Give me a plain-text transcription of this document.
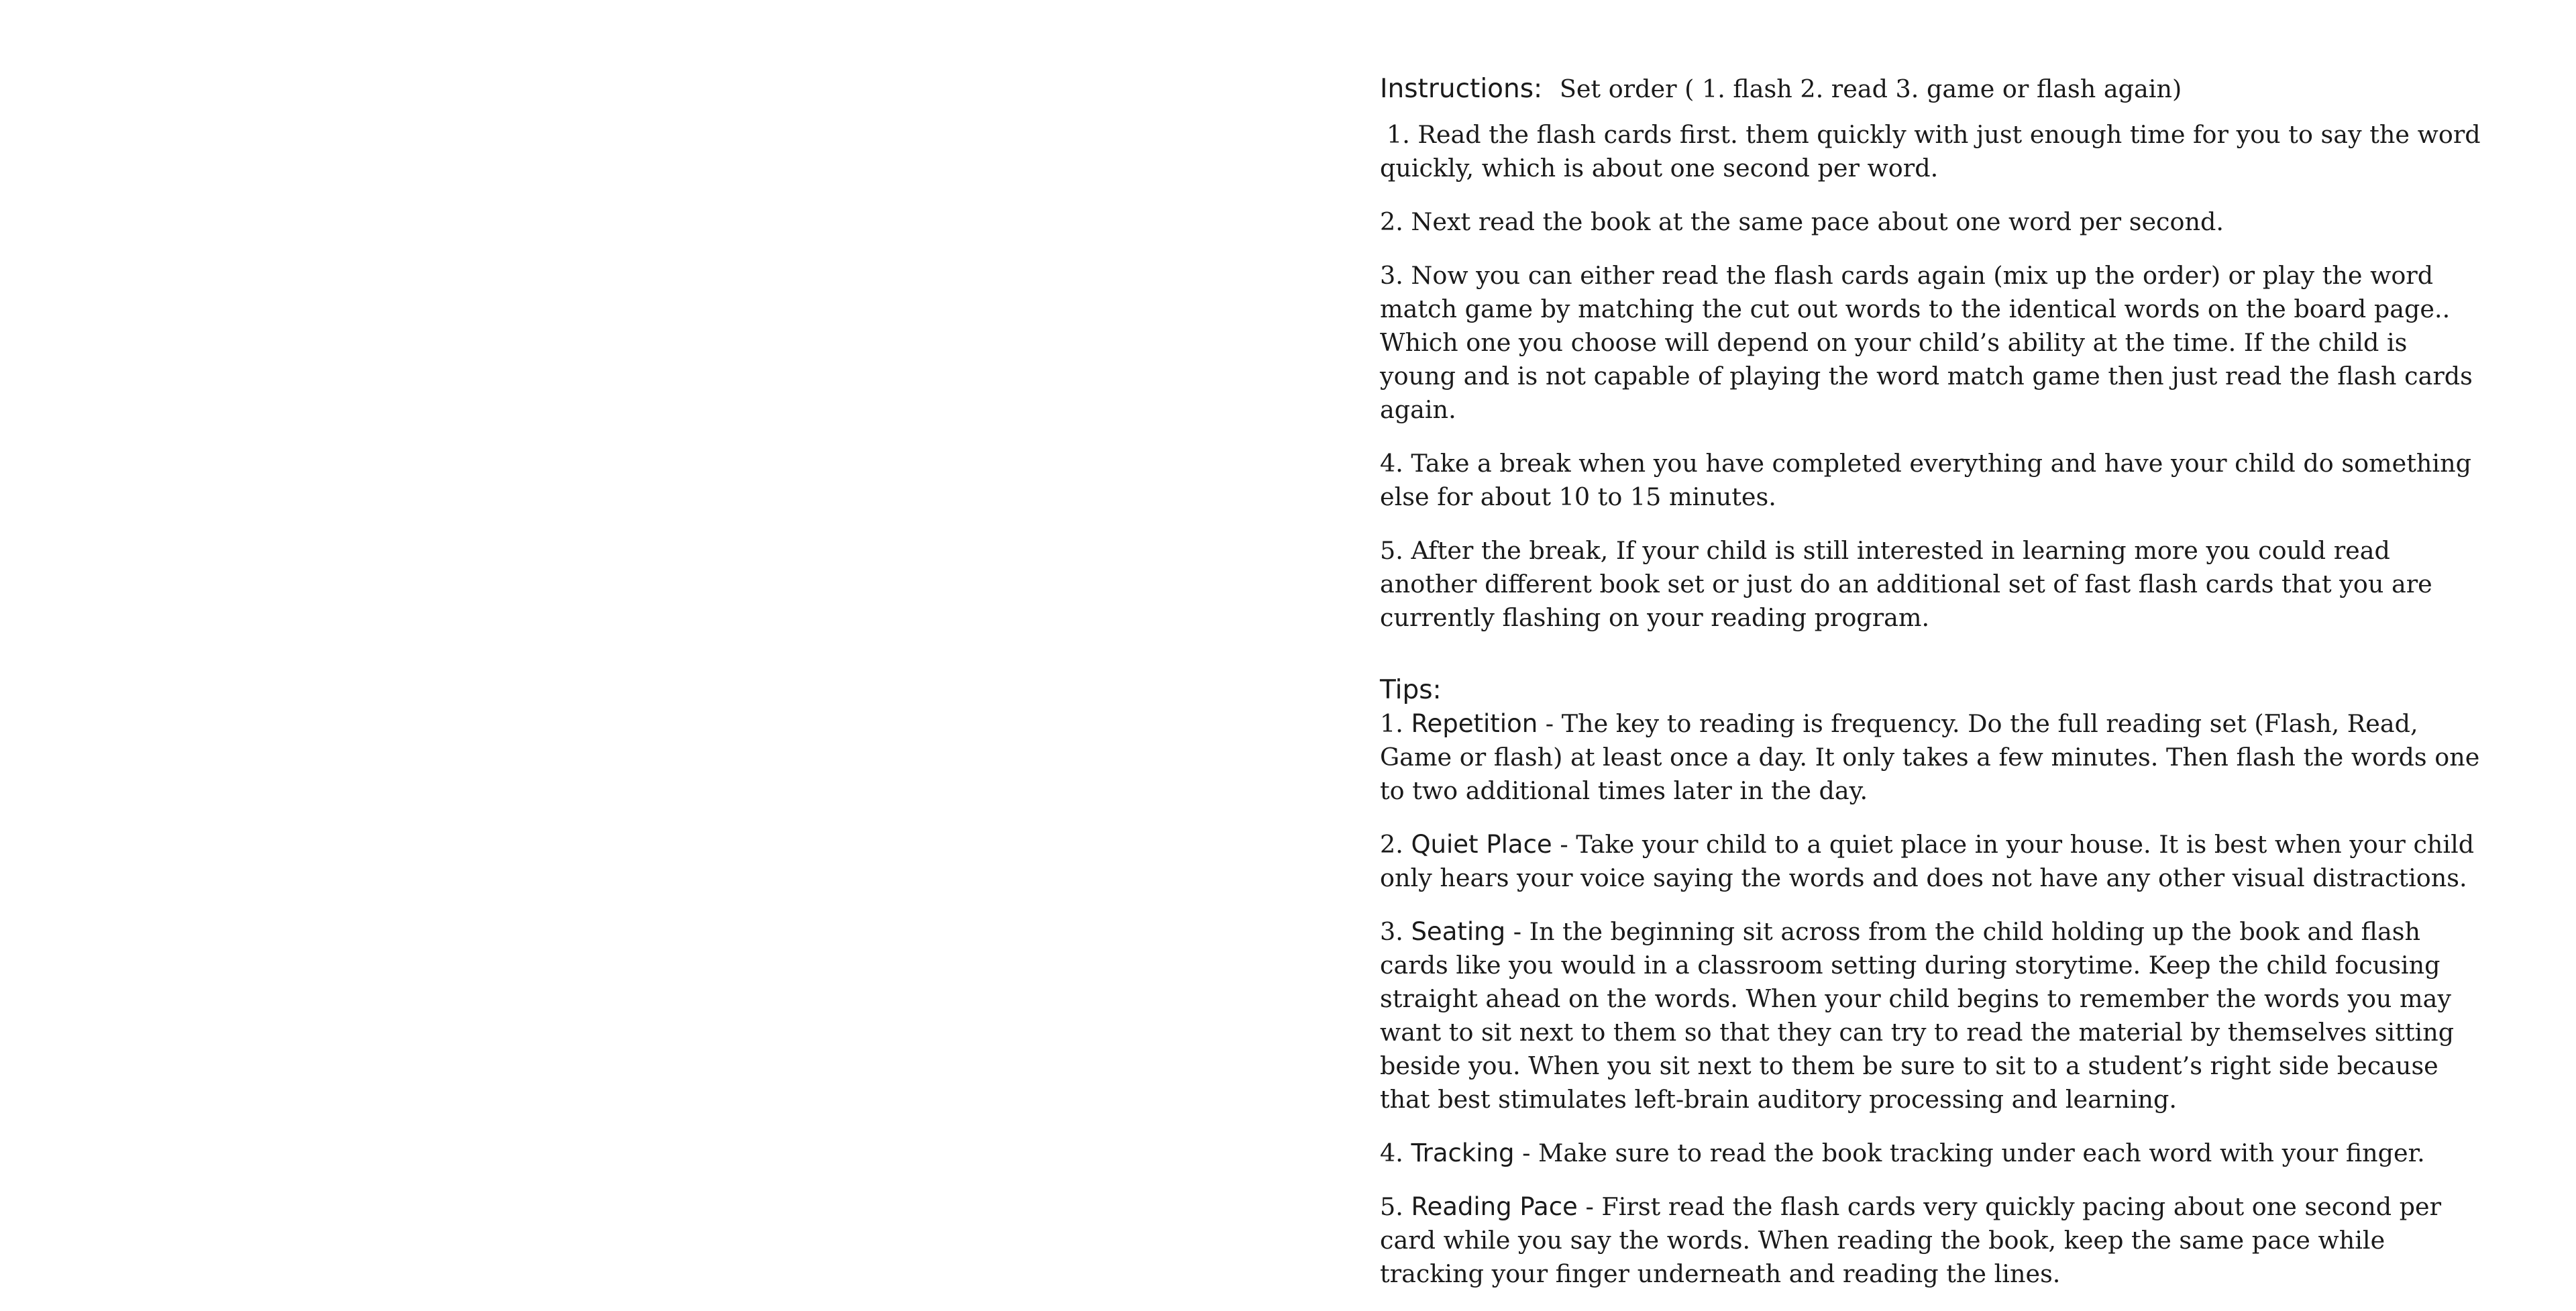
Instructions: Set order ( 1. flash 2. read 3. game or flash again)

1. Read the flash cards first. them quickly with just enough time for you to say the word quickly, which is about one second per word.

2. Next read the book at the same pace about one word per second.

3. Now you can either read the flash cards again (mix up the order) or play the word match game by matching the cut out words to the identical words on the board page.. Which one you choose will depend on your child’s ability at the time. If the child is young and is not capable of playing the word match game then just read the flash cards again.

4. Take a break when you have completed everything and have your child do something else for about 10 to 15 minutes.

5. After the break, If your child is still interested in learning more you could read another different book set or just do an additional set of fast flash cards that you are currently flashing on your reading program.

Tips:

1. Repetition - The key to reading is frequency. Do the full reading set (Flash, Read, Game or flash) at least once a day. It only takes a few minutes. Then flash the words one to two additional times later in the day.

2. Quiet Place - Take your child to a quiet place in your house. It is best when your child only hears your voice saying the words and does not have any other visual distractions.

3. Seating - In the beginning sit across from the child holding up the book and flash cards like you would in a classroom setting during storytime. Keep the child focusing straight ahead on the words. When your child begins to remember the words you may want to sit next to them so that they can try to read the material by themselves sitting beside you. When you sit next to them be sure to sit to a student’s right side because that best stimulates left-brain auditory processing and learning.

4. Tracking - Make sure to read the book tracking under each word with your finger.

5. Reading Pace - First read the flash cards very quickly pacing about one second per card while you say the words. When reading the book, keep the same pace while tracking your finger underneath and reading the lines.
